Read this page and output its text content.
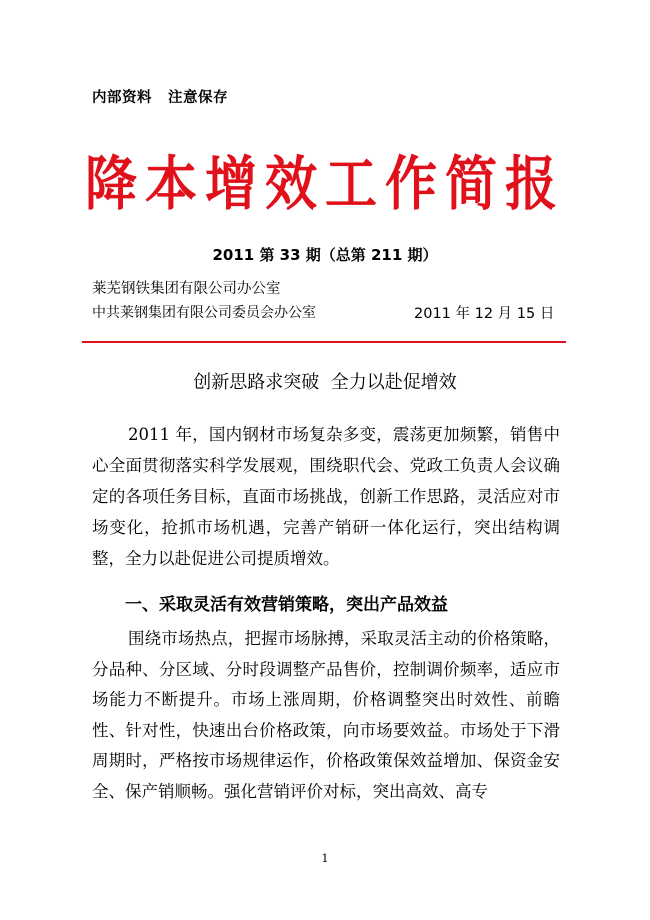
内部资料 注意保存
降本增效工作简报
2011 第 33 期（总第 211 期）
莱芜钢铁集团有限公司办公室
中共莱钢集团有限公司委员会办公室	2011 年 12 月 15 日
创新思路求突破  全力以赴促增效

2011 年，国内钢材市场复杂多变，震荡更加频繁，销售中心全面贯彻落实科学发展观，围绕职代会、党政工负责人会议确定的各项任务目标，直面市场挑战，创新工作思路，灵活应对市场变化，抢抓市场机遇，完善产销研一体化运行，突出结构调整，全力以赴促进公司提质增效。

一、采取灵活有效营销策略，突出产品效益

围绕市场热点，把握市场脉搏，采取灵活主动的价格策略，分品种、分区域、分时段调整产品售价，控制调价频率，适应市场能力不断提升。市场上涨周期，价格调整突出时效性、前瞻性、针对性，快速出台价格政策，向市场要效益。市场处于下滑周期时，严格按市场规律运作，价格政策保效益增加、保资金安全、保产销顺畅。强化营销评价对标，突出高效、高专

1
